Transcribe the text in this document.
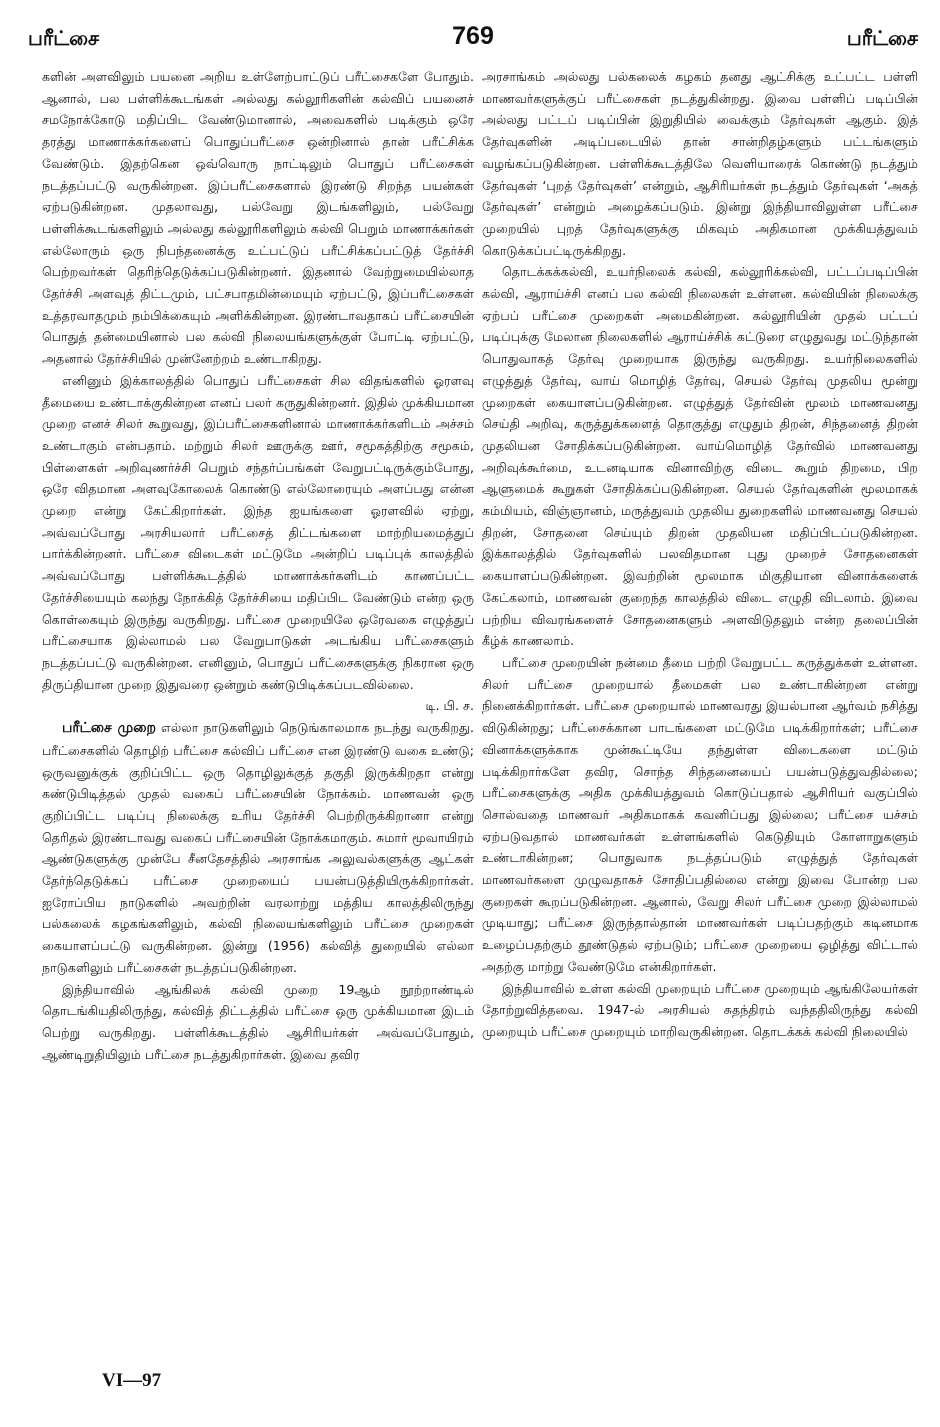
பரீட்சை	769	பரீட்சை

களின் அளவிலும் பயனை அறிய உள்ளேற்பாட்டுப் பரீட்சைகளே போதும். ஆனால், பல பள்ளிக்கூடங்கள் அல்லது கல்லூரிகளின் கல்விப் பயனைச் சமநோக்கோடு மதிப்பிட வேண்டுமானால், அவைகளில் படிக்கும் ஒரே தரத்து மாணாக்கர்களைப் பொதுப்பரீட்சை ஒன்றினால் தான் பரீட்சிக்க வேண்டும். இதற்கென ஒவ்வொரு நாட்டிலும் பொதுப் பரீட்சைகள் நடத்தப்பட்டு வருகின்றன. இப்பரீட்சைகளால் இரண்டு சிறந்த பயன்கள் ஏற்படுகின்றன. முதலாவது, பல்வேறு இடங்களிலும், பல்வேறு பள்ளிக்கூடங்களிலும் அல்லது கல்லூரிகளிலும் கல்வி பெறும் மாணாக்கர்கள் எல்லோரும் ஒரு நிபந்தனைக்கு உட்பட்டுப் பரீட்சிக்கப்பட்டுத் தேர்ச்சி பெற்றவர்கள் தெரிந்தெடுக்கப்படுகின்றனர். இதனால் வேற்றுமையில்லாத தேர்ச்சி அளவுத் திட்டமும், பட்சபாதமின்மையும் ஏற்பட்டு, இப்பரீட்சைகள் உத்தரவாதமும் நம்பிக்கையும் அளிக்கின்றன. இரண்டாவதாகப் பரீட்சையின் பொதுத் தன்மையினால் பல கல்வி நிலையங்களுக்குள் போட்டி ஏற்பட்டு, அதனால் தேர்ச்சியில் முன்னேற்றம் உண்டாகிறது.

எனினும் இக்காலத்தில் பொதுப் பரீட்சைகள் சில விதங்களில் ஓரளவு தீமையை உண்டாக்குகின்றன எனப் பலர் கருதுகின்றனர். இதில் முக்கியமான முறை எனச் சிலர் கூறுவது, இப்பரீட்சைகளினால் மாணாக்கர்களிடம் அச்சம் உண்டாகும் என்பதாம். மற்றும் சிலர் ஊருக்கு ஊர், சமூகத்திற்கு சமூகம், பிள்ளைகள் அறிவுணர்ச்சி பெறும் சந்தர்ப்பங்கள் வேறுபட்டிருக்கும்போது, ஒரே விதமான அளவுகோலைக் கொண்டு எல்லோரையும் அளப்பது என்ன முறை என்று கேட்கிறார்கள். இந்த ஐயங்களை ஓரளவில் ஏற்று, அவ்வப்போது அரசியலார் பரீட்சைத் திட்டங்களை மாற்றியமைத்துப் பார்க்கின்றனர். பரீட்சை விடைகள் மட்டுமே அன்றிப் படிப்புக் காலத்தில் அவ்வப்போது பள்ளிக்கூடத்தில் மாணாக்கர்களிடம் காணப்பட்ட தேர்ச்சியையும் கலந்து நோக்கித் தேர்ச்சியை மதிப்பிட வேண்டும் என்ற ஒரு கொள்கையும் இருந்து வருகிறது. பரீட்சை முறையிலே ஒரேவகை எழுத்துப் பரீட்சையாக இல்லாமல் பல வேறுபாடுகள் அடங்கிய பரீட்சைகளும் நடத்தப்பட்டு வருகின்றன. எனினும், பொதுப் பரீட்சைகளுக்கு நிகரான ஒரு திருப்தியான முறை இதுவரை ஒன்றும் கண்டுபிடிக்கப்படவில்லை.
டி. பி. ச.

பரீட்சை முறை எல்லா நாடுகளிலும் நெடுங்காலமாக நடந்து வருகிறது. பரீட்சைகளில் தொழிற் பரீட்சை கல்விப் பரீட்சை என இரண்டு வகை உண்டு; ஒருவனுக்குக் குறிப்பிட்ட ஒரு தொழிலுக்குத் தகுதி இருக்கிறதா என்று கண்டுபிடித்தல் முதல் வகைப் பரீட்சையின் நோக்கம். மாணவன் ஒரு குறிப்பிட்ட படிப்பு நிலைக்கு உரிய தேர்ச்சி பெற்றிருக்கிறானா என்று தெரிதல் இரண்டாவது வகைப் பரீட்சையின் நோக்கமாகும். சுமார் மூவாயிரம் ஆண்டுகளுக்கு முன்பே சீனதேசத்தில் அரசாங்க அலுவல்களுக்கு ஆட்கள் தேர்ந்தெடுக்கப் பரீட்சை முறையைப் பயன்படுத்தியிருக்கிறார்கள். ஐரோப்பிய நாடுகளில் அவற்றின் வரலாற்று மத்திய காலத்திலிருந்து பல்கலைக் கழகங்களிலும், கல்வி நிலையங்களிலும் பரீட்சை முறைகள் கையாளப்பட்டு வருகின்றன. இன்று (1956) கல்வித் துறையில் எல்லா நாடுகளிலும் பரீட்சைகள் நடத்தப்படுகின்றன.

இந்தியாவில் ஆங்கிலக் கல்வி முறை 19ஆம் நூற்றாண்டில் தொடங்கியதிலிருந்து, கல்வித் திட்டத்தில் பரீட்சை ஒரு முக்கியமான இடம் பெற்று வருகிறது. பள்ளிக்கூடத்தில் ஆசிரியர்கள் அவ்வப்போதும், ஆண்டிறுதியிலும் பரீட்சை நடத்துகிறார்கள். இவை தவிர

அரசாங்கம் அல்லது பல்கலைக் கழகம் தனது ஆட்சிக்கு உட்பட்ட பள்ளி மாணவர்களுக்குப் பரீட்சைகள் நடத்துகின்றது. இவை பள்ளிப் படிப்பின் அல்லது பட்டப் படிப்பின் இறுதியில் வைக்கும் தேர்வுகள் ஆகும். இத் தேர்வுகளின் அடிப்படையில் தான் சான்றிதழ்களும் பட்டங்களும் வழங்கப்படுகின்றன. பள்ளிக்கூடத்திலே வெளியாரைக் கொண்டு நடத்தும் தேர்வுகள் ‘புறத் தேர்வுகள்’ என்றும், ஆசிரியர்கள் நடத்தும் தேர்வுகள் ‘அகத் தேர்வுகள்’ என்றும் அழைக்கப்படும். இன்று இந்தியாவிலுள்ள பரீட்சை முறையில் புறத் தேர்வுகளுக்கு மிகவும் அதிகமான முக்கியத்துவம் கொடுக்கப்பட்டிருக்கிறது.

தொடக்கக்கல்வி, உயர்நிலைக் கல்வி, கல்லூரிக்கல்வி, பட்டப்படிப்பின் கல்வி, ஆராய்ச்சி எனப் பல கல்வி நிலைகள் உள்ளன. கல்வியின் நிலைக்கு ஏற்பப் பரீட்சை முறைகள் அமைகின்றன. கல்லூரியின் முதல் பட்டப் படிப்புக்கு மேலான நிலைகளில் ஆராய்ச்சிக் கட்டுரை எழுதுவது மட்டுந்தான் பொதுவாகத் தேர்வு முறையாக இருந்து வருகிறது. உயர்நிலைகளில் எழுத்துத் தேர்வு, வாய் மொழித் தேர்வு, செயல் தேர்வு முதலிய மூன்று முறைகள் கையாளப்படுகின்றன. எழுத்துத் தேர்வின் மூலம் மாணவனது செய்தி அறிவு, கருத்துக்களைத் தொகுத்து எழுதும் திறன், சிந்தனைத் திறன் முதலியன சோதிக்கப்படுகின்றன. வாய்மொழித் தேர்வில் மாணவனது அறிவுக்கூர்மை, உடனடியாக வினாவிற்கு விடை கூறும் திறமை, பிற ஆளுமைக் கூறுகள் சோதிக்கப்படுகின்றன. செயல் தேர்வுகளின் மூலமாகக் கம்மியம், விஞ்ஞானம், மருத்துவம் முதலிய துறைகளில் மாணவனது செயல் திறன், சோதனை செய்யும் திறன் முதலியன மதிப்பிடப்படுகின்றன. இக்காலத்தில் தேர்வுகளில் பலவிதமான புது முறைச் சோதனைகள் கையாளப்படுகின்றன. இவற்றின் மூலமாக மிகுதியான வினாக்களைக் கேட்கலாம், மாணவன் குறைந்த காலத்தில் விடை எழுதி விடலாம். இவை பற்றிய விவரங்களைச் சோதனைகளும் அளவிடுதலும் என்ற தலைப்பின் கீழ்க் காணலாம்.

பரீட்சை முறையின் நன்மை தீமை பற்றி வேறுபட்ட கருத்துக்கள் உள்ளன. சிலர் பரீட்சை முறையால் தீமைகள் பல உண்டாகின்றன என்று நினைக்கிறார்கள். பரீட்சை முறையால் மாணவரது இயல்பான ஆர்வம் நசித்து விடுகின்றது; பரீட்சைக்கான பாடங்களை மட்டுமே படிக்கிறார்கள்; பரீட்சை வினாக்களுக்காக முன்கூட்டியே தந்துள்ள விடைகளை மட்டும் படிக்கிறார்களே தவிர, சொந்த சிந்தனையைப் பயன்படுத்துவதில்லை; பரீட்சைகளுக்கு அதிக முக்கியத்துவம் கொடுப்பதால் ஆசிரியர் வகுப்பில் சொல்வதை மாணவர் அதிகமாகக் கவனிப்பது இல்லை; பரீட்சை யச்சம் ஏற்படுவதால் மாணவர்கள் உள்ளங்களில் கெடுதியும் கோளாறுகளும் உண்டாகின்றன; பொதுவாக நடத்தப்படும் எழுத்துத் தேர்வுகள் மாணவர்களை முழுவதாகச் சோதிப்பதில்லை என்று இவை போன்ற பல குறைகள் கூறப்படுகின்றன. ஆனால், வேறு சிலர் பரீட்சை முறை இல்லாமல் முடியாது; பரீட்சை இருந்தால்தான் மாணவர்கள் படிப்பதற்கும் கடினமாக உழைப்பதற்கும் தூண்டுதல் ஏற்படும்; பரீட்சை முறையை ஒழித்து விட்டால் அதற்கு மாற்று வேண்டுமே என்கிறார்கள்.

இந்தியாவில் உள்ள கல்வி முறையும் பரீட்சை முறையும் ஆங்கிலேயர்கள் தோற்றுவித்தவை. 1947-ல் அரசியல் சுதந்திரம் வந்ததிலிருந்து கல்வி முறையும் பரீட்சை முறையும் மாறிவருகின்றன. தொடக்கக் கல்வி நிலையில்

VI—97
